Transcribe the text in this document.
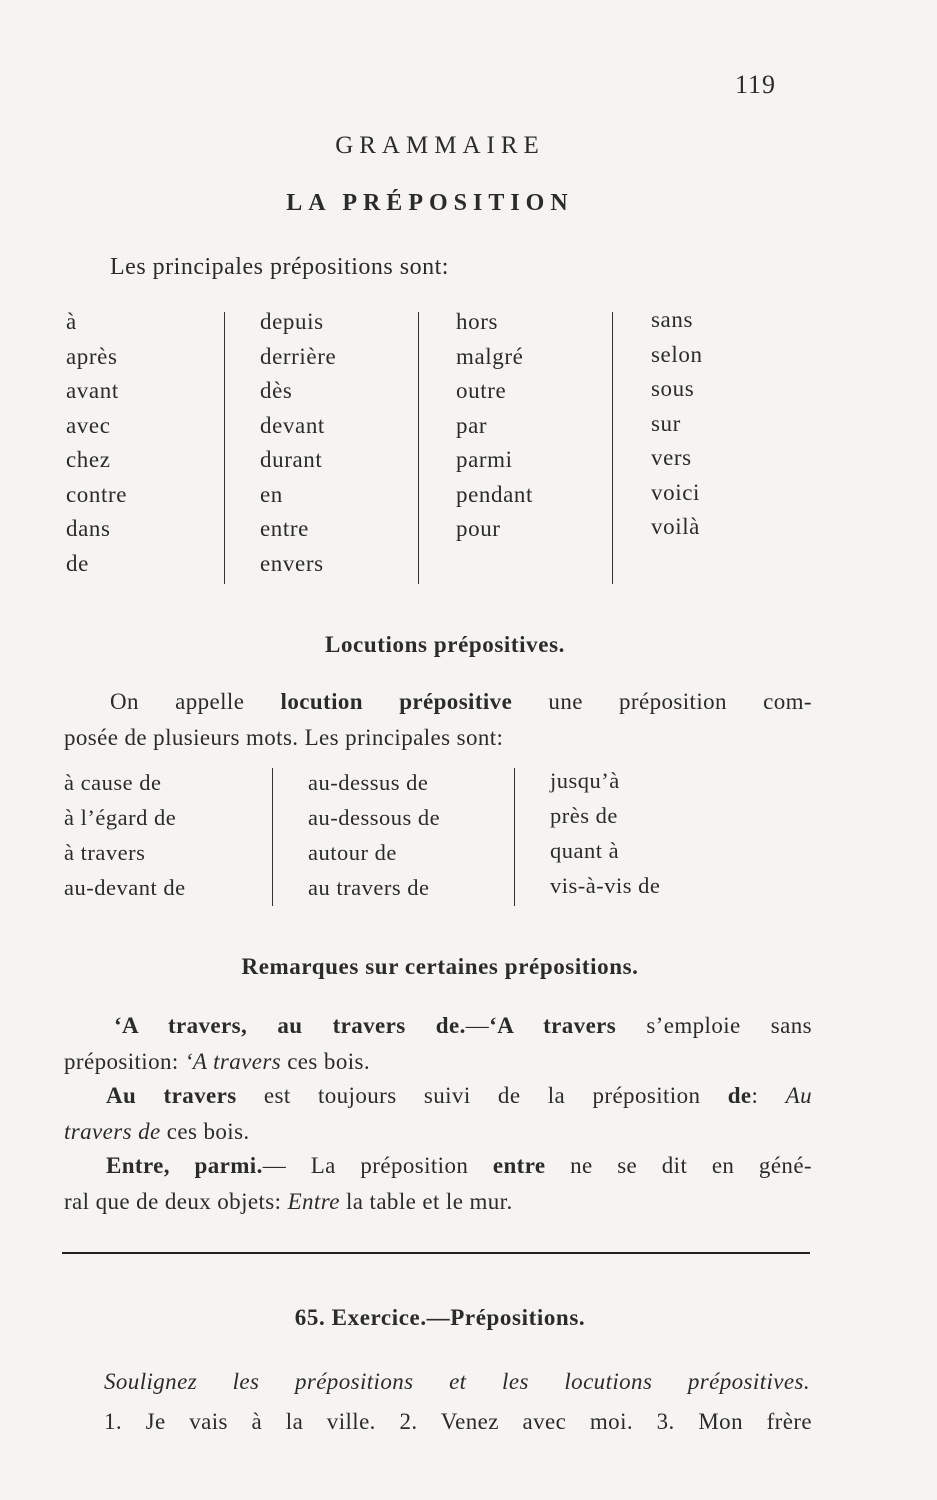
119
GRAMMAIRE
LA PRÉPOSITION
Les principales prépositions sont:
à
après
avant
avec
chez
contre
dans
de
depuis
derrière
dès
devant
durant
en
entre
envers
hors
malgré
outre
par
parmi
pendant
pour
sans
selon
sous
sur
vers
voici
voilà
Locutions prépositives.
On appelle locution prépositive une préposition com-
posée de plusieurs mots. Les principales sont:
à cause de
à l’égard de
à travers
au-devant de
au-dessus de
au-dessous de
autour de
au travers de
jusqu’à
près de
quant à
vis-à-vis de
Remarques sur certaines prépositions.
‘A travers, au travers de.—‘A travers s’emploie sans
préposition: ‘A travers ces bois.
Au travers est toujours suivi de la préposition de: Au
travers de ces bois.
Entre, parmi.— La préposition entre ne se dit en géné-
ral que de deux objets: Entre la table et le mur.
65. Exercice.—Prépositions.
Soulignez les prépositions et les locutions prépositives.
1. Je vais à la ville. 2. Venez avec moi. 3. Mon frère
